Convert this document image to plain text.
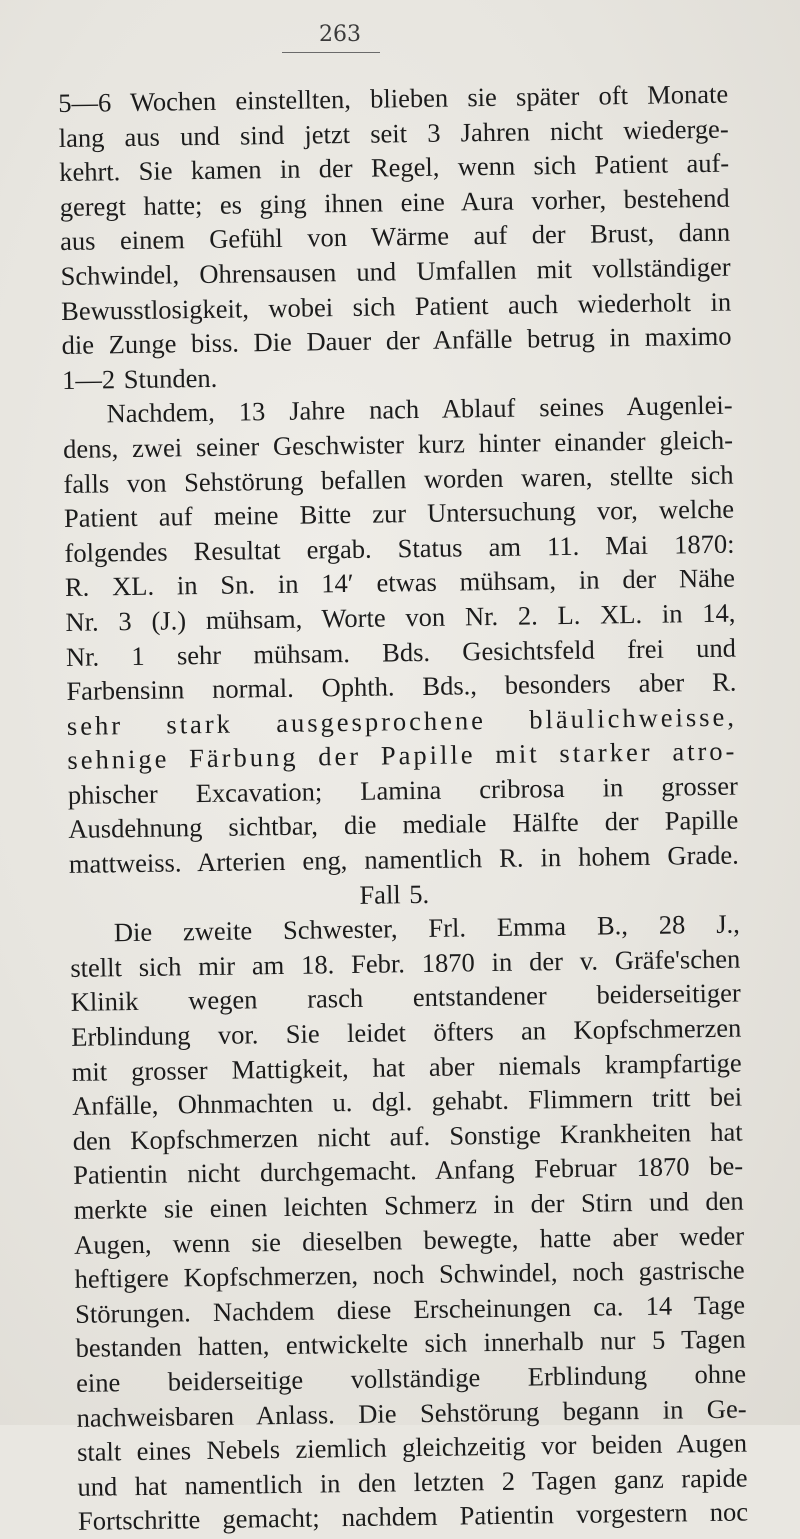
263
5—6 Wochen einstellten, blieben sie später oft Monate
lang aus und sind jetzt seit 3 Jahren nicht wiederge-
kehrt. Sie kamen in der Regel, wenn sich Patient auf-
geregt hatte; es ging ihnen eine Aura vorher, bestehend
aus einem Gefühl von Wärme auf der Brust, dann
Schwindel, Ohrensausen und Umfallen mit vollständiger
Bewusstlosigkeit, wobei sich Patient auch wiederholt in
die Zunge biss. Die Dauer der Anfälle betrug in maximo
1—2 Stunden.
Nachdem, 13 Jahre nach Ablauf seines Augenlei-
dens, zwei seiner Geschwister kurz hinter einander gleich-
falls von Sehstörung befallen worden waren, stellte sich
Patient auf meine Bitte zur Untersuchung vor, welche
folgendes Resultat ergab. Status am 11. Mai 1870:
R. XL. in Sn. in 14′ etwas mühsam, in der Nähe
Nr. 3 (J.) mühsam, Worte von Nr. 2. L. XL. in 14,
Nr. 1 sehr mühsam. Bds. Gesichtsfeld frei und
Farbensinn normal. Ophth. Bds., besonders aber R.
sehr stark ausgesprochene bläulichweisse,
sehnige Färbung der Papille mit starker atro-
phischer Excavation; Lamina cribrosa in grosser
Ausdehnung sichtbar, die mediale Hälfte der Papille
mattweiss. Arterien eng, namentlich R. in hohem Grade.
Fall 5.
Die zweite Schwester, Frl. Emma B., 28 J.,
stellt sich mir am 18. Febr. 1870 in der v. Gräfe'schen
Klinik wegen rasch entstandener beiderseitiger
Erblindung vor. Sie leidet öfters an Kopfschmerzen
mit grosser Mattigkeit, hat aber niemals krampfartige
Anfälle, Ohnmachten u. dgl. gehabt. Flimmern tritt bei
den Kopfschmerzen nicht auf. Sonstige Krankheiten hat
Patientin nicht durchgemacht. Anfang Februar 1870 be-
merkte sie einen leichten Schmerz in der Stirn und den
Augen, wenn sie dieselben bewegte, hatte aber weder
heftigere Kopfschmerzen, noch Schwindel, noch gastrische
Störungen. Nachdem diese Erscheinungen ca. 14 Tage
bestanden hatten, entwickelte sich innerhalb nur 5 Tagen
eine beiderseitige vollständige Erblindung ohne
nachweisbaren Anlass. Die Sehstörung begann in Ge-
stalt eines Nebels ziemlich gleichzeitig vor beiden Augen
und hat namentlich in den letzten 2 Tagen ganz rapide
Fortschritte gemacht; nachdem Patientin vorgestern noc
